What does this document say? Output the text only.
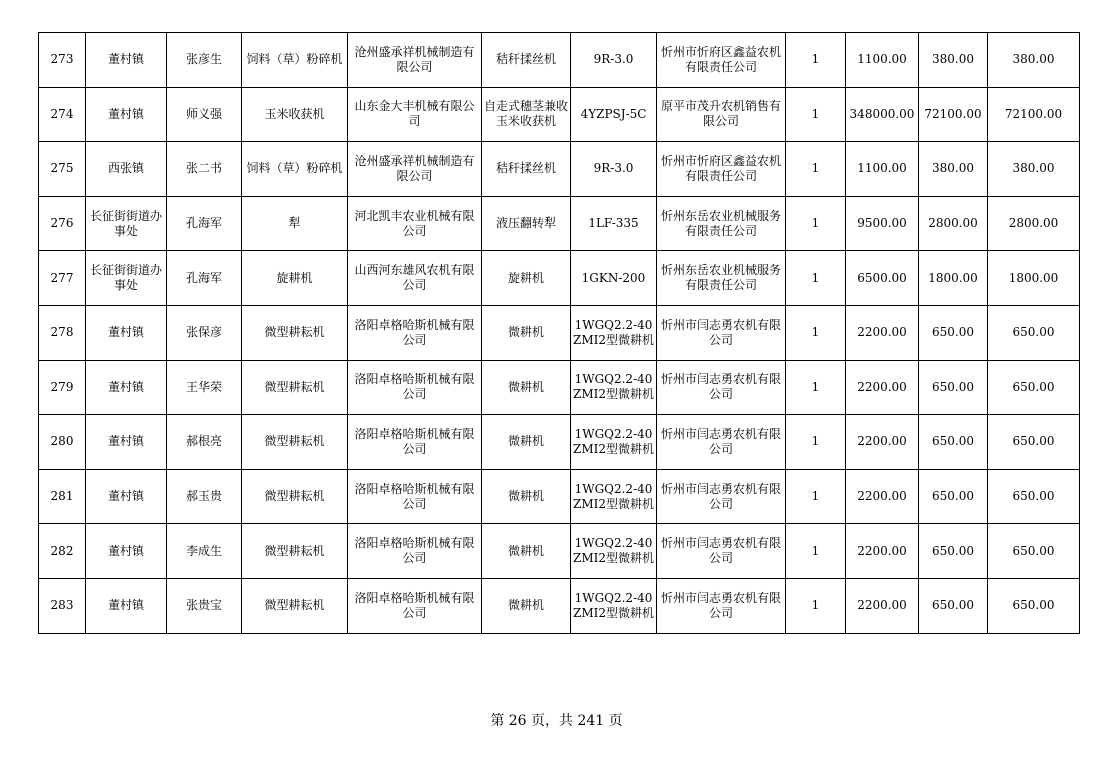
273	董村镇	张彦生	饲料（草）粉碎机	沧州盛承祥机械制造有限公司	秸秆揉丝机	9R-3.0	忻州市忻府区鑫益农机有限责任公司	1	1100.00	380.00	380.00
274	董村镇	师义强	玉米收获机	山东金大丰机械有限公司	自走式穗茎兼收玉米收获机	4YZPSJ-5C	原平市茂升农机销售有限公司	1	348000.00	72100.00	72100.00
275	西张镇	张二书	饲料（草）粉碎机	沧州盛承祥机械制造有限公司	秸秆揉丝机	9R-3.0	忻州市忻府区鑫益农机有限责任公司	1	1100.00	380.00	380.00
276	长征街街道办事处	孔海军	犁	河北凯丰农业机械有限公司	液压翻转犁	1LF-335	忻州东岳农业机械服务有限责任公司	1	9500.00	2800.00	2800.00
277	长征街街道办事处	孔海军	旋耕机	山西河东雄风农机有限公司	旋耕机	1GKN-200	忻州东岳农业机械服务有限责任公司	1	6500.00	1800.00	1800.00
278	董村镇	张保彦	微型耕耘机	洛阳卓格哈斯机械有限公司	微耕机	1WGQ2.2-40ZMI2型微耕机	忻州市闫志勇农机有限公司	1	2200.00	650.00	650.00
279	董村镇	王华荣	微型耕耘机	洛阳卓格哈斯机械有限公司	微耕机	1WGQ2.2-40ZMI2型微耕机	忻州市闫志勇农机有限公司	1	2200.00	650.00	650.00
280	董村镇	郝根亮	微型耕耘机	洛阳卓格哈斯机械有限公司	微耕机	1WGQ2.2-40ZMI2型微耕机	忻州市闫志勇农机有限公司	1	2200.00	650.00	650.00
281	董村镇	郝玉贵	微型耕耘机	洛阳卓格哈斯机械有限公司	微耕机	1WGQ2.2-40ZMI2型微耕机	忻州市闫志勇农机有限公司	1	2200.00	650.00	650.00
282	董村镇	李成生	微型耕耘机	洛阳卓格哈斯机械有限公司	微耕机	1WGQ2.2-40ZMI2型微耕机	忻州市闫志勇农机有限公司	1	2200.00	650.00	650.00
283	董村镇	张贵宝	微型耕耘机	洛阳卓格哈斯机械有限公司	微耕机	1WGQ2.2-40ZMI2型微耕机	忻州市闫志勇农机有限公司	1	2200.00	650.00	650.00
第 26 页，共 241 页
